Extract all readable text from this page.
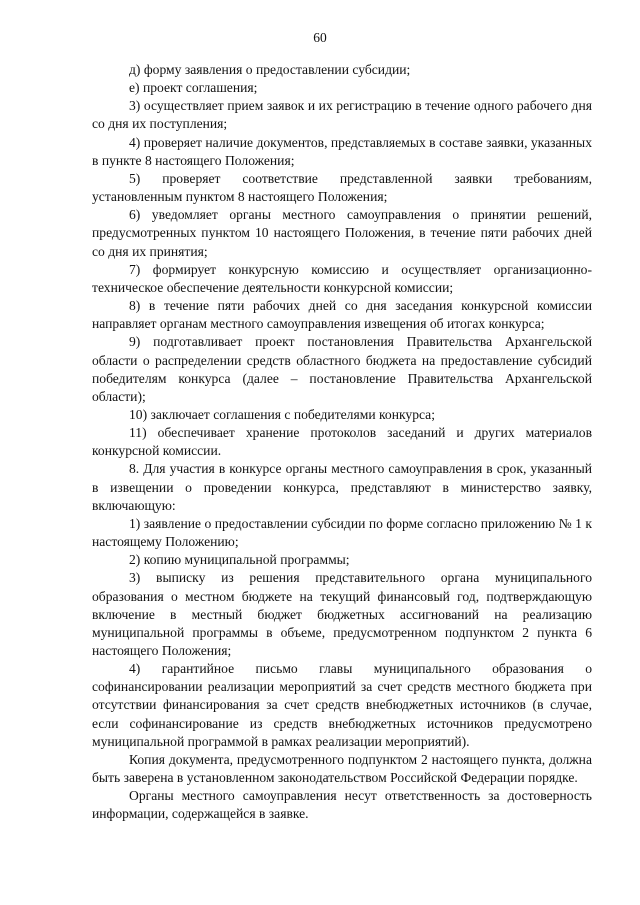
60

д) форму заявления о предоставлении субсидии;

е) проект соглашения;

3) осуществляет прием заявок и их регистрацию в течение одного рабочего дня со дня их поступления;

4) проверяет наличие документов, представляемых в составе заявки, указанных в пункте 8 настоящего Положения;

5) проверяет соответствие представленной заявки требованиям, установленным пунктом 8 настоящего Положения;

6) уведомляет органы местного самоуправления о принятии решений, предусмотренных пунктом 10 настоящего Положения, в течение пяти рабочих дней со дня их принятия;

7) формирует конкурсную комиссию и осуществляет организационно-техническое обеспечение деятельности конкурсной комиссии;

8) в течение пяти рабочих дней со дня заседания конкурсной комиссии направляет органам местного самоуправления извещения об итогах конкурса;

9) подготавливает проект постановления Правительства Архангельской области о распределении средств областного бюджета на предоставление субсидий победителям конкурса (далее – постановление Правительства Архангельской области);

10) заключает соглашения с победителями конкурса;

11) обеспечивает хранение протоколов заседаний и других материалов конкурсной комиссии.

8. Для участия в конкурсе органы местного самоуправления в срок, указанный в извещении о проведении конкурса, представляют в министерство заявку, включающую:

1) заявление о предоставлении субсидии по форме согласно приложению № 1 к настоящему Положению;

2) копию муниципальной программы;

3) выписку из решения представительного органа муниципального образования о местном бюджете на текущий финансовый год, подтверждающую включение в местный бюджет бюджетных ассигнований на реализацию муниципальной программы в объеме, предусмотренном подпунктом 2 пункта 6 настоящего Положения;

4) гарантийное письмо главы муниципального образования о софинансировании реализации мероприятий за счет средств местного бюджета при отсутствии финансирования за счет средств внебюджетных источников (в случае, если софинансирование из средств внебюджетных источников предусмотрено муниципальной программой в рамках реализации мероприятий).

Копия документа, предусмотренного подпунктом 2 настоящего пункта, должна быть заверена в установленном законодательством Российской Федерации порядке.

Органы местного самоуправления несут ответственность за достоверность информации, содержащейся в заявке.
